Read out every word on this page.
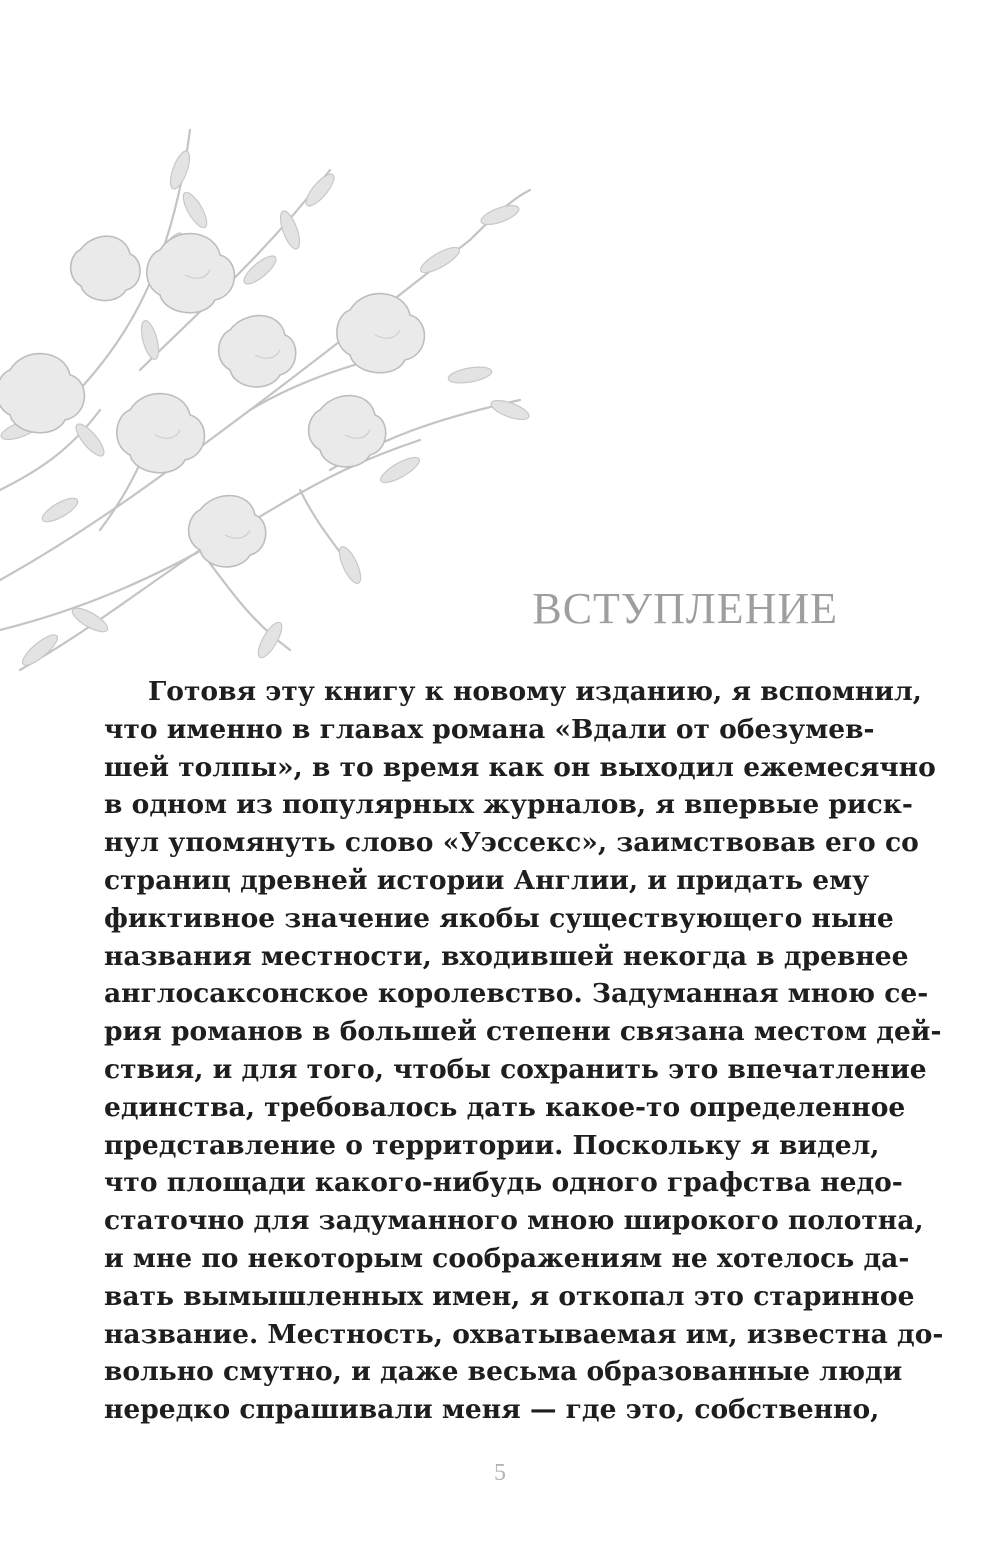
ВСТУПЛЕНИЕ
Готовя эту книгу к новому изданию, я вспомнил,
что именно в главах романа «Вдали от обезумев-
шей толпы», в то время как он выходил ежемесячно
в одном из популярных журналов, я впервые риск-
нул упомянуть слово «Уэссекс», заимствовав его со
страниц древней истории Англии, и придать ему
фиктивное значение якобы существующего ныне
названия местности, входившей некогда в древнее
англосаксонское королевство. Задуманная мною се-
рия романов в большей степени связана местом дей-
ствия, и для того, чтобы сохранить это впечатление
единства, требовалось дать какое-то определенное
представление о территории. Поскольку я видел,
что площади какого-нибудь одного графства недо-
статочно для задуманного мною широкого полотна,
и мне по некоторым соображениям не хотелось да-
вать вымышленных имен, я откопал это старинное
название. Местность, охватываемая им, известна до-
вольно смутно, и даже весьма образованные люди
нередко спрашивали меня — где это, собственно,
5
